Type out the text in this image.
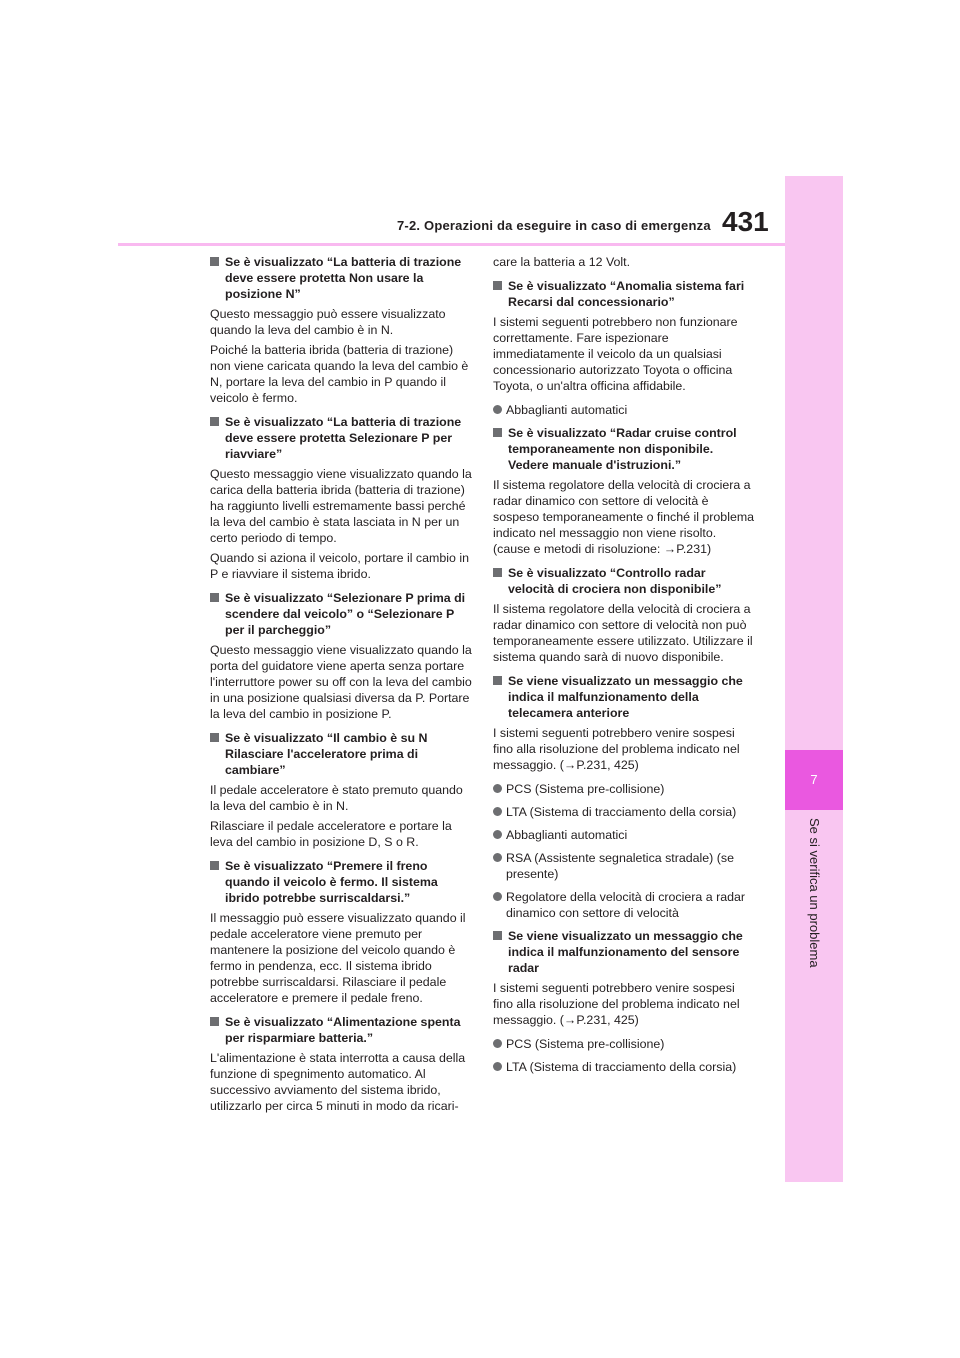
7-2. Operazioni da eseguire in caso di emergenza 431
7
Se si verifica un problema
Se è visualizzato “La batteria di trazione deve essere protetta Non usare la posizione N”

Questo messaggio può essere visualizzato quando la leva del cambio è in N.

Poiché la batteria ibrida (batteria di trazione) non viene caricata quando la leva del cambio è N, portare la leva del cambio in P quando il veicolo è fermo.

Se è visualizzato “La batteria di trazione deve essere protetta Selezionare P per riavviare”

Questo messaggio viene visualizzato quando la carica della batteria ibrida (batteria di trazione) ha raggiunto livelli estremamente bassi perché la leva del cambio è stata lasciata in N per un certo periodo di tempo.

Quando si aziona il veicolo, portare il cambio in P e riavviare il sistema ibrido.

Se è visualizzato “Selezionare P prima di scendere dal veicolo” o “Selezionare P per il parcheggio”

Questo messaggio viene visualizzato quando la porta del guidatore viene aperta senza portare l'interruttore power su off con la leva del cambio in una posizione qualsiasi diversa da P. Portare la leva del cambio in posizione P.

Se è visualizzato “Il cambio è su N Rilasciare l'acceleratore prima di cambiare”

Il pedale acceleratore è stato premuto quando la leva del cambio è in N.

Rilasciare il pedale acceleratore e portare la leva del cambio in posizione D, S o R.

Se è visualizzato “Premere il freno quando il veicolo è fermo. Il sistema ibrido potrebbe surriscaldarsi.”

Il messaggio può essere visualizzato quando il pedale acceleratore viene premuto per mantenere la posizione del veicolo quando è fermo in pendenza, ecc. Il sistema ibrido potrebbe surriscaldarsi. Rilasciare il pedale acceleratore e premere il pedale freno.

Se è visualizzato “Alimentazione spenta per risparmiare batteria.”

L'alimentazione è stata interrotta a causa della funzione di spegnimento automatico. Al successivo avviamento del sistema ibrido, utilizzarlo per circa 5 minuti in modo da ricari-

care la batteria a 12 Volt.

Se è visualizzato “Anomalia sistema fari Recarsi dal concessionario”

I sistemi seguenti potrebbero non funzionare correttamente. Fare ispezionare immediatamente il veicolo da un qualsiasi concessionario autorizzato Toyota o officina Toyota, o un'altra officina affidabile.

Abbaglianti automatici
Se è visualizzato “Radar cruise control temporaneamente non disponibile. Vedere manuale d'istruzioni.”

Il sistema regolatore della velocità di crociera a radar dinamico con settore di velocità è sospeso temporaneamente o finché il problema indicato nel messaggio non viene risolto. (cause e metodi di risoluzione: →P.231)

Se è visualizzato “Controllo radar velocità di crociera non disponibile”

Il sistema regolatore della velocità di crociera a radar dinamico con settore di velocità non può temporaneamente essere utilizzato. Utilizzare il sistema quando sarà di nuovo disponibile.

Se viene visualizzato un messaggio che indica il malfunzionamento della telecamera anteriore

I sistemi seguenti potrebbero venire sospesi fino alla risoluzione del problema indicato nel messaggio. (→P.231, 425)

PCS (Sistema pre-collisione)
LTA (Sistema di tracciamento della corsia)
Abbaglianti automatici
RSA (Assistente segnaletica stradale) (se presente)
Regolatore della velocità di crociera a radar dinamico con settore di velocità
Se viene visualizzato un messaggio che indica il malfunzionamento del sensore radar

I sistemi seguenti potrebbero venire sospesi fino alla risoluzione del problema indicato nel messaggio. (→P.231, 425)

PCS (Sistema pre-collisione)
LTA (Sistema di tracciamento della corsia)
